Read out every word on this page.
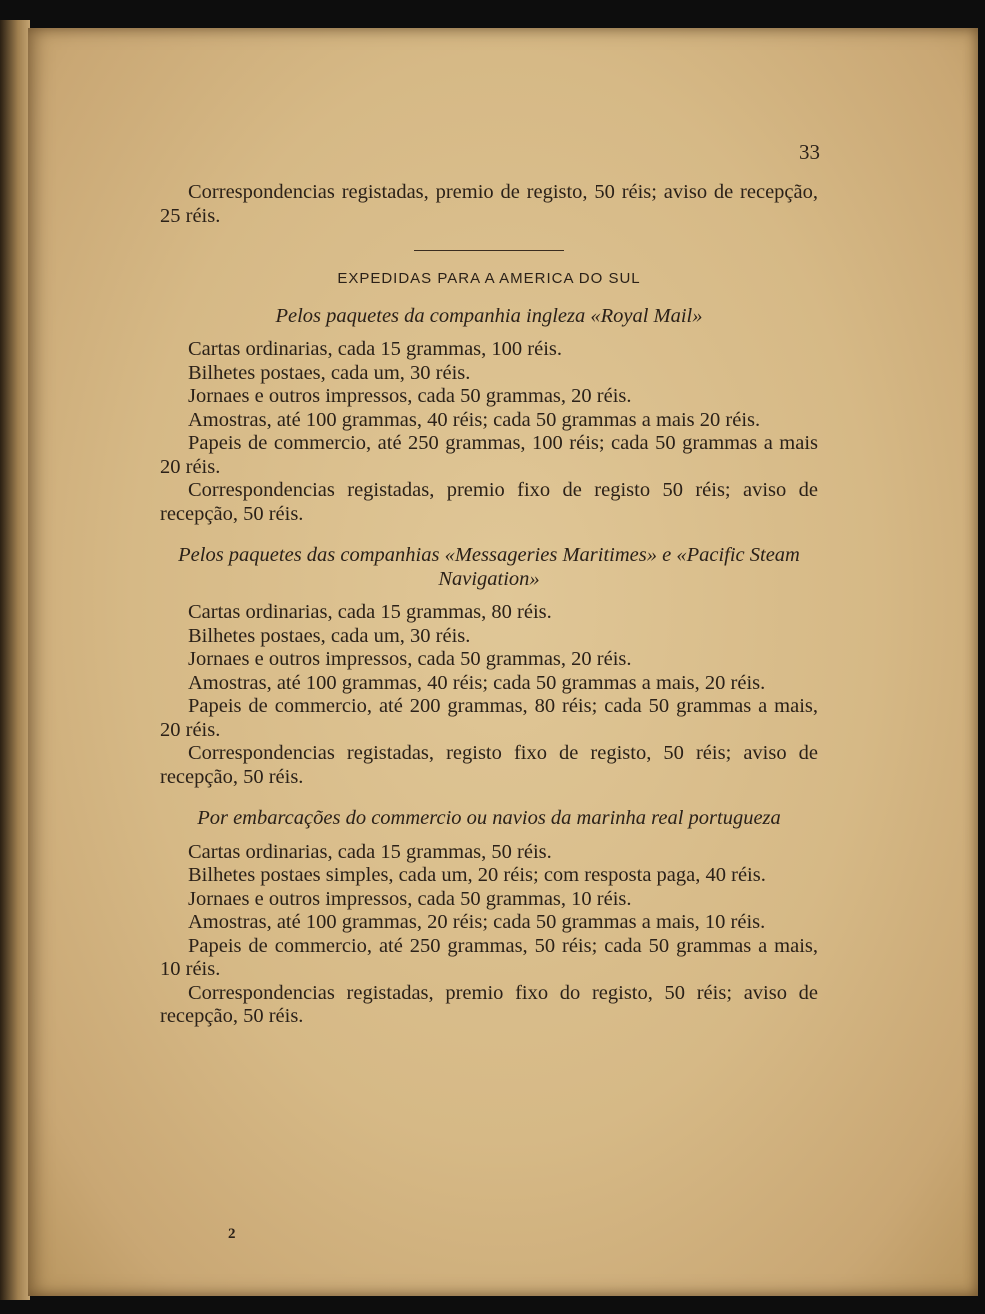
33

Correspondencias registadas, premio de registo, 50 réis; aviso de recepção, 25 réis.

EXPEDIDAS PARA A AMERICA DO SUL
Pelos paquetes da companhia ingleza «Royal Mail»

Cartas ordinarias, cada 15 grammas, 100 réis.

Bilhetes postaes, cada um, 30 réis.

Jornaes e outros impressos, cada 50 grammas, 20 réis.

Amostras, até 100 grammas, 40 réis; cada 50 grammas a mais 20 réis.

Papeis de commercio, até 250 grammas, 100 réis; cada 50 grammas a mais 20 réis.

Correspondencias registadas, premio fixo de registo 50 réis; aviso de recepção, 50 réis.

Pelos paquetes das companhias «Messageries Maritimes» e «Pacific Steam Navigation»

Cartas ordinarias, cada 15 grammas, 80 réis.

Bilhetes postaes, cada um, 30 réis.

Jornaes e outros impressos, cada 50 grammas, 20 réis.

Amostras, até 100 grammas, 40 réis; cada 50 grammas a mais, 20 réis.

Papeis de commercio, até 200 grammas, 80 réis; cada 50 grammas a mais, 20 réis.

Correspondencias registadas, registo fixo de registo, 50 réis; aviso de recepção, 50 réis.

Por embarcações do commercio ou navios da marinha real portugueza

Cartas ordinarias, cada 15 grammas, 50 réis.

Bilhetes postaes simples, cada um, 20 réis; com resposta paga, 40 réis.

Jornaes e outros impressos, cada 50 grammas, 10 réis.

Amostras, até 100 grammas, 20 réis; cada 50 grammas a mais, 10 réis.

Papeis de commercio, até 250 grammas, 50 réis; cada 50 grammas a mais, 10 réis.

Correspondencias registadas, premio fixo do registo, 50 réis; aviso de recepção, 50 réis.

2
